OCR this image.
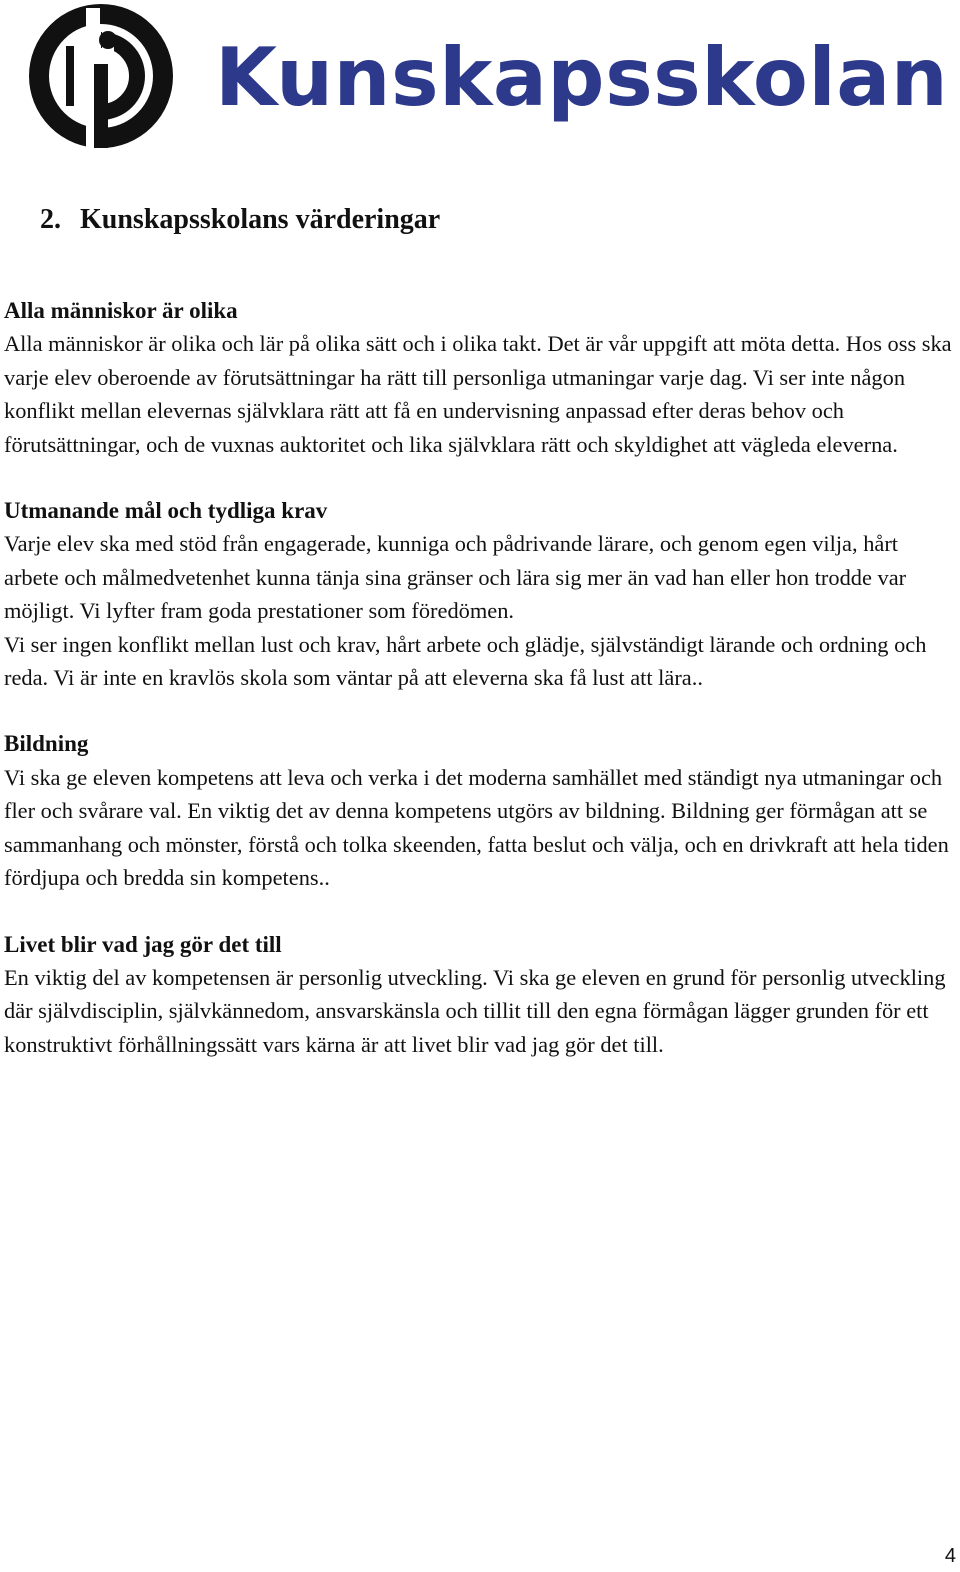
Kunskapsskolan
2. Kunskapsskolans värderingar
Alla människor är olika

Alla människor är olika och lär på olika sätt och i olika takt. Det är vår uppgift att möta detta. Hos oss ska varje elev oberoende av förutsättningar ha rätt till personliga utmaningar varje dag. Vi ser inte någon konflikt mellan elevernas självklara rätt att få en undervisning anpassad efter deras behov och förutsättningar, och de vuxnas auktoritet och lika självklara rätt och skyldighet att vägleda eleverna.

Utmanande mål och tydliga krav

Varje elev ska med stöd från engagerade, kunniga och pådrivande lärare, och genom egen vilja, hårt arbete och målmedvetenhet kunna tänja sina gränser och lära sig mer än vad han eller hon trodde var möjligt. Vi lyfter fram goda prestationer som föredömen.

Vi ser ingen konflikt mellan lust och krav, hårt arbete och glädje, självständigt lärande och ordning och reda. Vi är inte en kravlös skola som väntar på att eleverna ska få lust att lära..

Bildning

Vi ska ge eleven kompetens att leva och verka i det moderna samhället med ständigt nya utmaningar och fler och svårare val. En viktig det av denna kompetens utgörs av bildning. Bildning ger förmågan att se sammanhang och mönster, förstå och tolka skeenden, fatta beslut och välja, och en drivkraft att hela tiden fördjupa och bredda sin kompetens..

Livet blir vad jag gör det till

En viktig del av kompetensen är personlig utveckling. Vi ska ge eleven en grund för personlig utveckling där självdisciplin, självkännedom, ansvarskänsla och tillit till den egna förmågan lägger grunden för ett konstruktivt förhållningssätt vars kärna är att livet blir vad jag gör det till.

4
